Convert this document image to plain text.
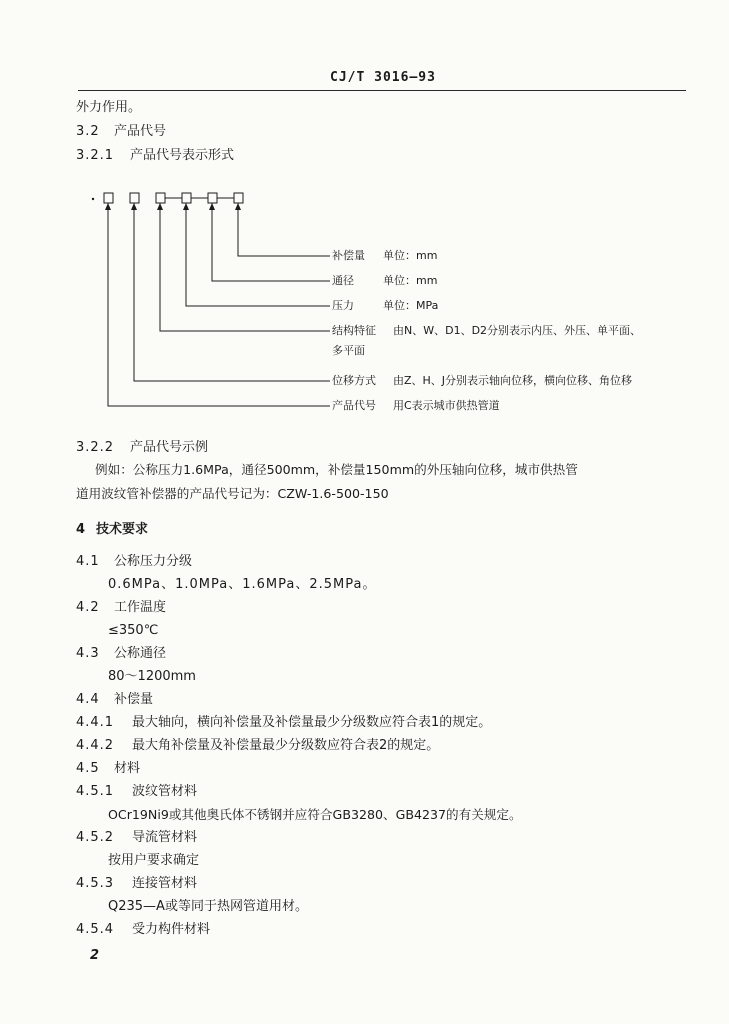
CJ/T 3016—93
外力作用。
3.2 产品代号
3.2.1 产品代号表示形式
补偿量 单位：mm
通径	单位：mm
压力	单位：MPa
结构特征 由N、W、D1、D2分别表示内压、外压、单平面、
多平面
位移方式 由Z、H、J分别表示轴向位移，横向位移、角位移
产品代号 用C表示城市供热管道
3.2.2 产品代号示例
例如：公称压力1.6MPa，通径500mm，补偿量150mm的外压轴向位移，城市供热管
道用波纹管补偿器的产品代号记为：CZW-1.6-500-150
4 技术要求
4.1 公称压力分级
0.6MPa、1.0MPa、1.6MPa、2.5MPa。
4.2 工作温度
≤350℃
4.3 公称通径
80～1200mm
4.4 补偿量
4.4.1 最大轴向，横向补偿量及补偿量最少分级数应符合表1的规定。
4.4.2 最大角补偿量及补偿量最少分级数应符合表2的规定。
4.5 材料
4.5.1 波纹管材料
OCr19Ni9或其他奥氏体不锈钢并应符合GB3280、GB4237的有关规定。
4.5.2 导流管材料
按用户要求确定
4.5.3 连接管材料
Q235—A或等同于热网管道用材。
4.5.4 受力构件材料
2
